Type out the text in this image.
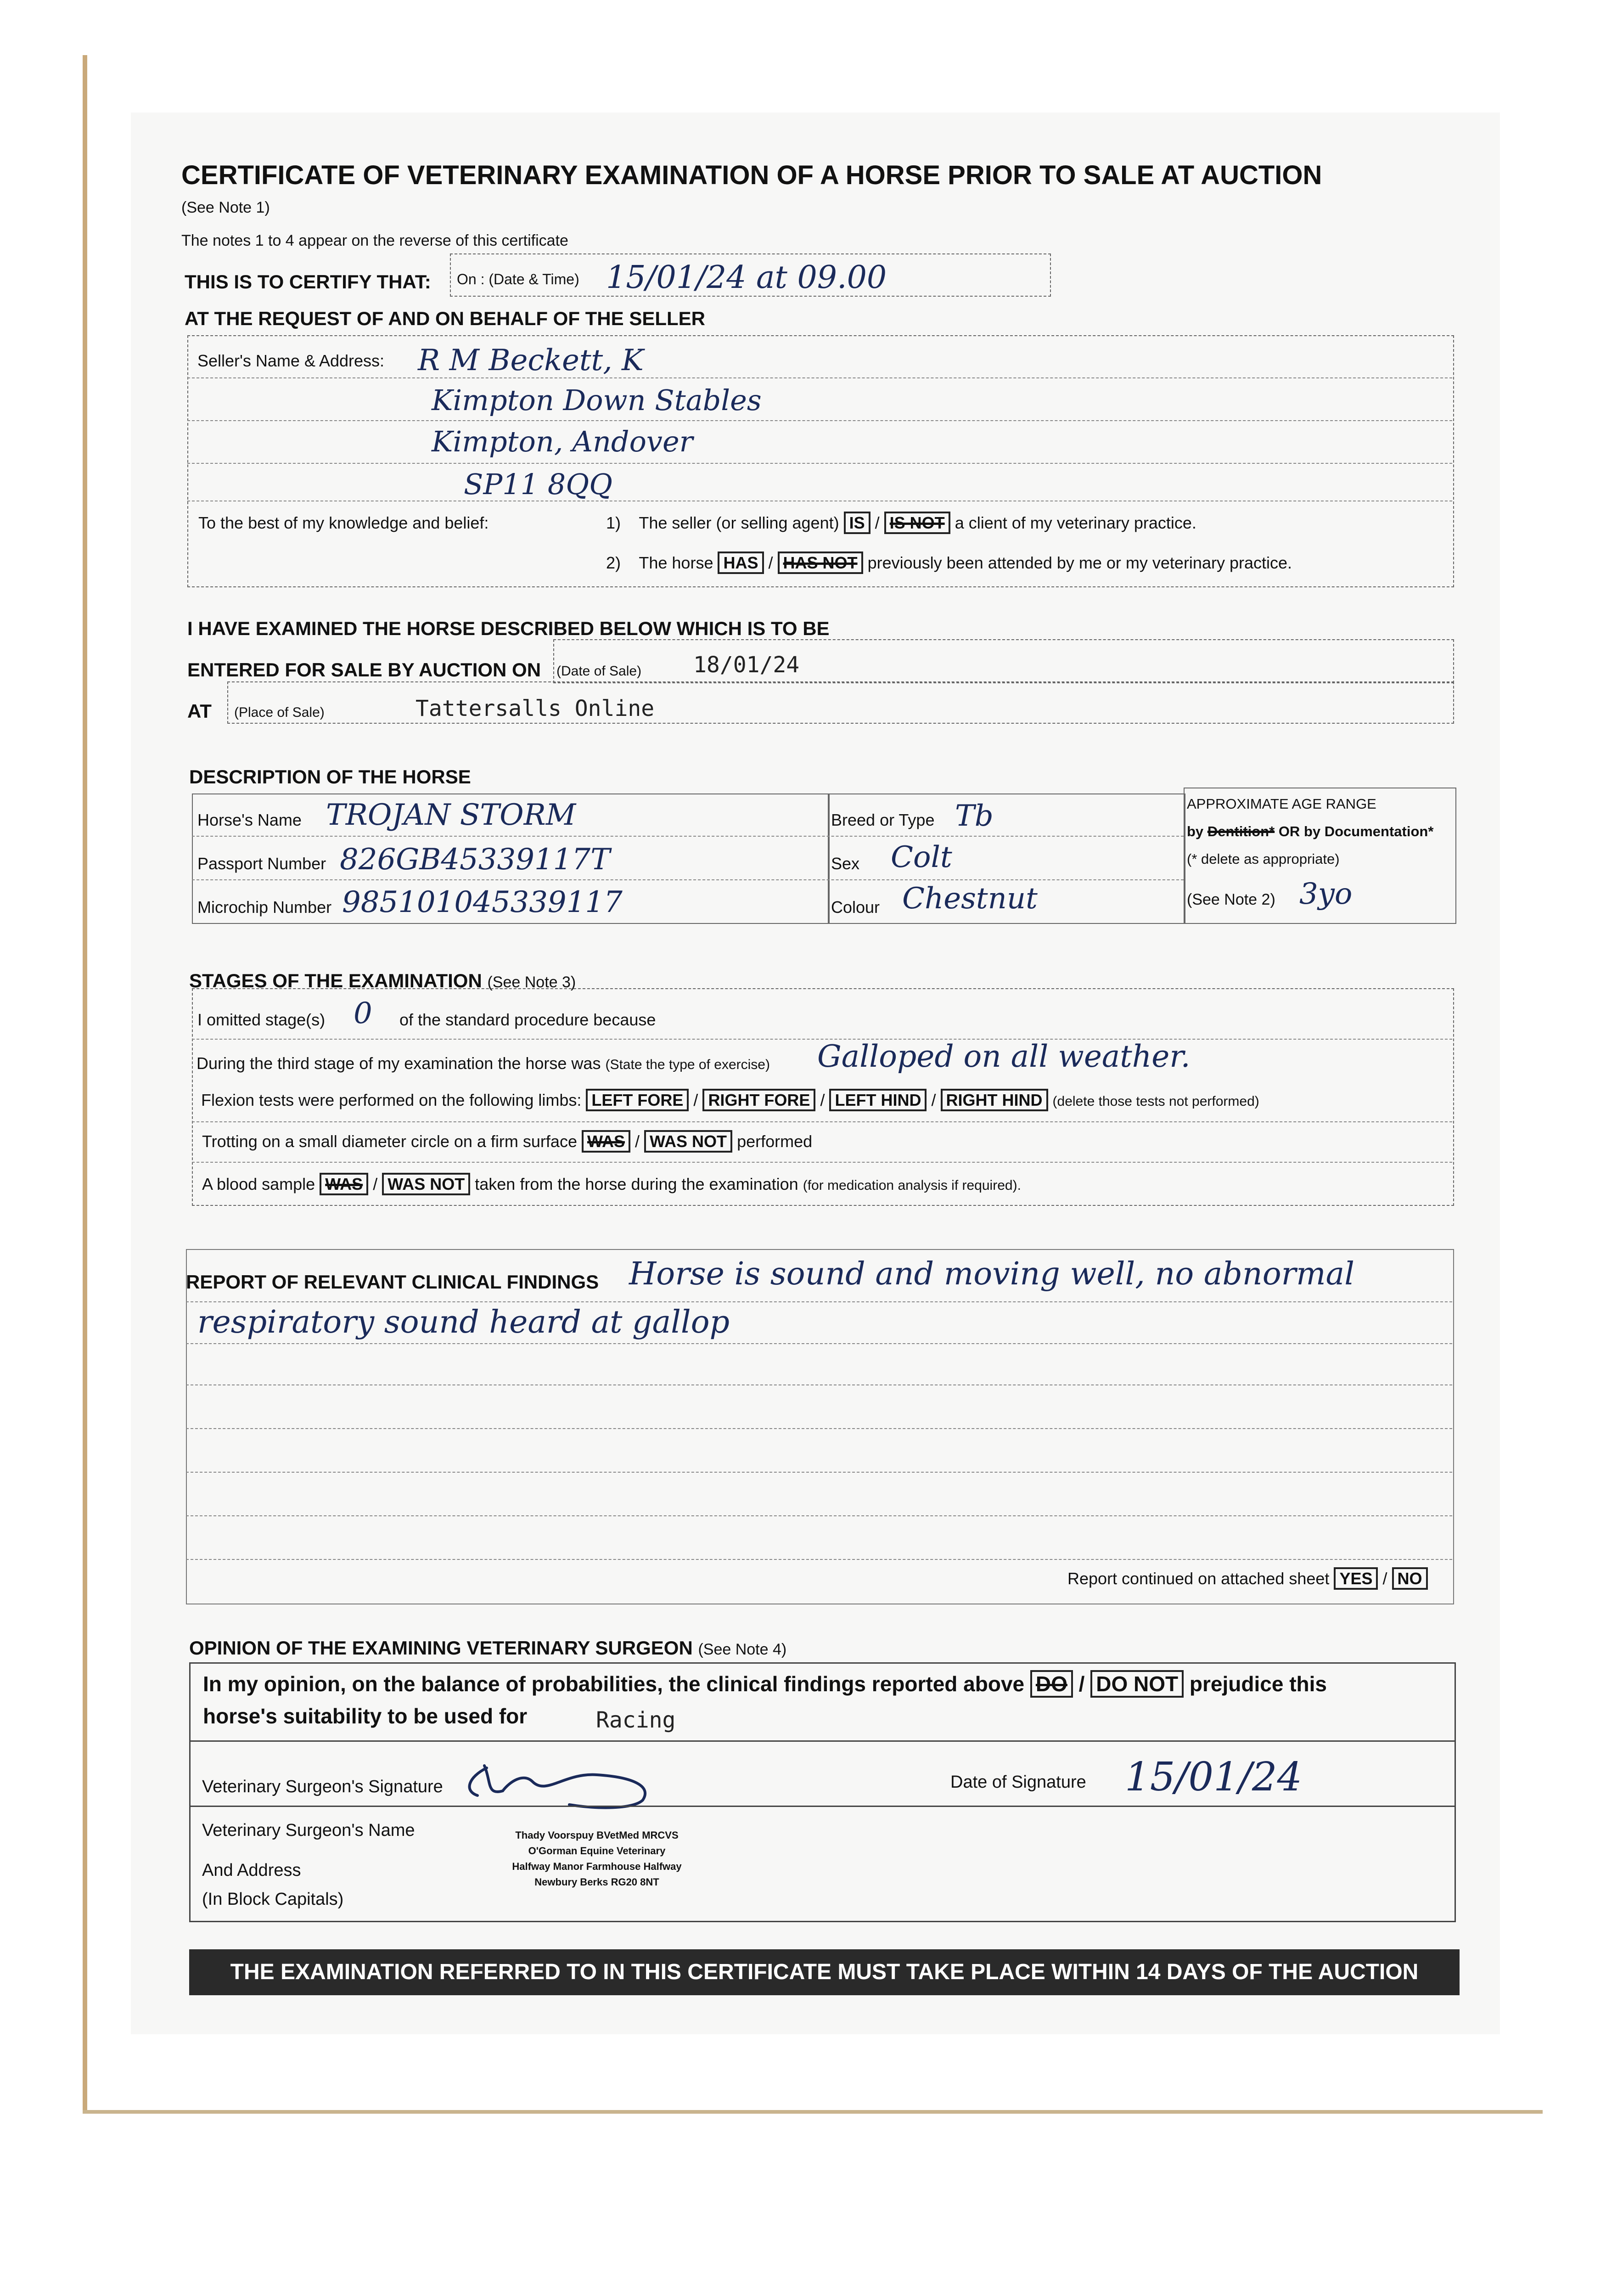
CERTIFICATE OF VETERINARY EXAMINATION OF A HORSE PRIOR TO SALE AT AUCTION
(See Note 1)
The notes 1 to 4 appear on the reverse of this certificate
THIS IS TO CERTIFY THAT: On : (Date & Time) 15/01/24 at 09.00
AT THE REQUEST OF AND ON BEHALF OF THE SELLER
Seller's Name & Address: R M Beckett, K
Kimpton Down Stables
Kimpton, Andover
SP11 8QQ
To the best of my knowledge and belief:	1) The seller (or selling agent) IS / IS NOT a client of my veterinary practice.
2) The horse HAS / HAS NOT previously been attended by me or my veterinary practice.
I HAVE EXAMINED THE HORSE DESCRIBED BELOW WHICH IS TO BE
ENTERED FOR SALE BY AUCTION ON (Date of Sale) 18/01/24
AT (Place of Sale)	Tattersalls Online
DESCRIPTION OF THE HORSE
Horse's Name TROJAN STORM
Passport Number 826GB45339117T
Microchip Number 985101045339117
Breed or Type Tb
Sex Colt
Colour Chestnut
APPROXIMATE AGE RANGE
by Dentition* OR by Documentation*
(* delete as appropriate)
(See Note 2) 3yo
STAGES OF THE EXAMINATION (See Note 3)
I omitted stage(s) 0 of the standard procedure because
During the third stage of my examination the horse was (State the type of exercise) Galloped on all weather.
Flexion tests were performed on the following limbs: LEFT FORE / RIGHT FORE / LEFT HIND / RIGHT HIND (delete those tests not performed)
Trotting on a small diameter circle on a firm surface WAS / WAS NOT performed
A blood sample WAS / WAS NOT taken from the horse during the examination (for medication analysis if required).
REPORT OF RELEVANT CLINICAL FINDINGS Horse is sound and moving well, no abnormal
respiratory sound heard at gallop
Report continued on attached sheet YES / NO
OPINION OF THE EXAMINING VETERINARY SURGEON (See Note 4)
In my opinion, on the balance of probabilities, the clinical findings reported above DO / DO NOT prejudice this
horse's suitability to be used for	Racing
Veterinary Surgeon's Signature	Date of Signature 15/01/24
Veterinary Surgeon's Name
And Address
(In Block Capitals)
Thady Voorspuy BVetMed MRCVS
O'Gorman Equine Veterinary
Halfway Manor Farmhouse Halfway
Newbury Berks RG20 8NT
THE EXAMINATION REFERRED TO IN THIS CERTIFICATE MUST TAKE PLACE WITHIN 14 DAYS OF THE AUCTION
